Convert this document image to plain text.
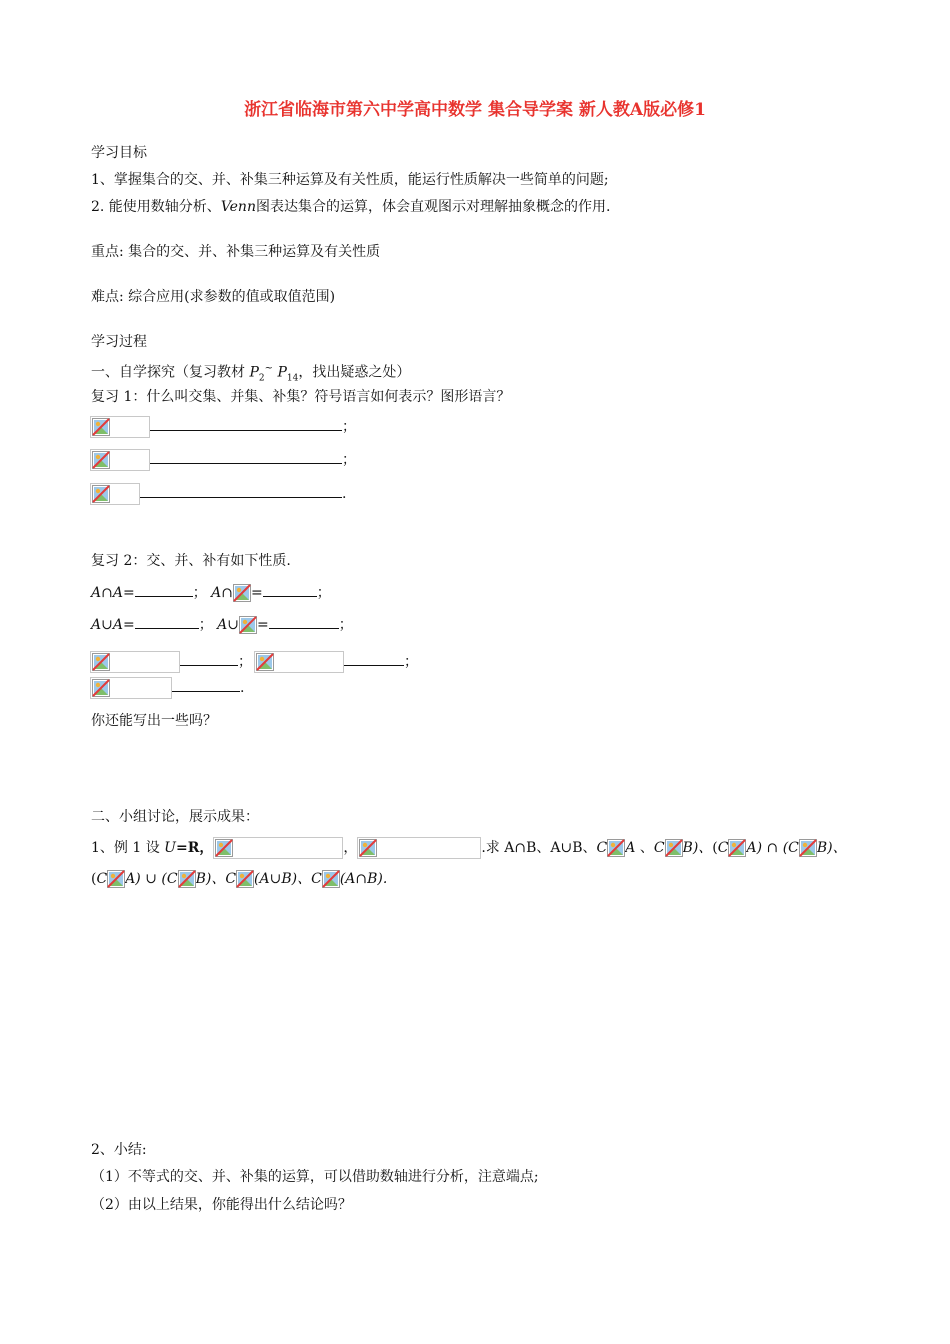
浙江省临海市第六中学高中数学 集合导学案 新人教A版必修1
学习目标
1、掌握集合的交、并、补集三种运算及有关性质，能运行性质解决一些简单的问题;
2. 能使用数轴分析、Venn图表达集合的运算，体会直观图示对理解抽象概念的作用.
重点: 集合的交、并、补集三种运算及有关性质
难点: 综合应用(求参数的值或取值范围)
学习过程
一、自学探究（复习教材 $P_2^\sim$ $P_{14}$，找出疑惑之处）
复习 1：什么叫交集、并集、补集？符号语言如何表示？图形语言？
；
；
.
复习 2：交、并、补有如下性质.
A∩A=	； A∩ =	；
A∪A=	； A∪ =	；
；	；
.
你还能写出一些吗？
二、小组讨论，展示成果：
1、例 1 设 U=R，	，	.求 A∩B、A∪B、C A 、C B)、(C A) ∩ (C B)、
(C A) ∪ (C B)、C (A∪B)、C (A∩B).
2、小结:
（1）不等式的交、并、补集的运算，可以借助数轴进行分析，注意端点;
（2）由以上结果，你能得出什么结论吗？
